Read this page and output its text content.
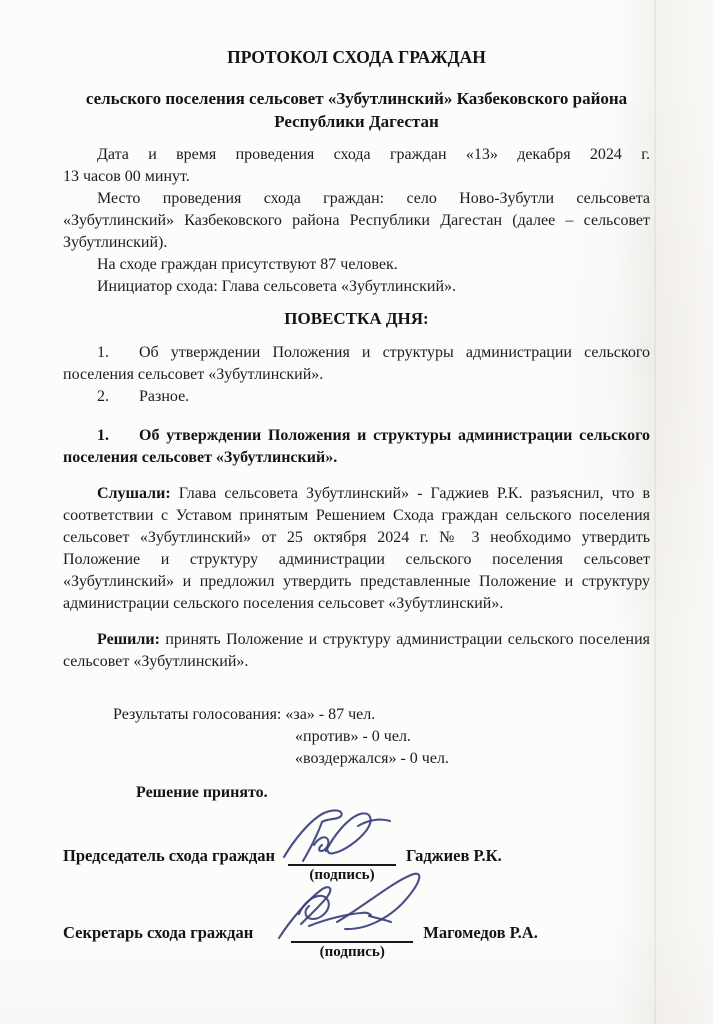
ПРОТОКОЛ СХОДА ГРАЖДАН
сельского поселения сельсовет «Зубутлинский» Казбековского района
Республики Дагестан
Дата и время проведения схода граждан «13» декабря 2024 г.
13 часов 00 минут.
Место проведения схода граждан: село Ново-Зубутли сельсовета
«Зубутлинский» Казбековского района Республики Дагестан (далее – сельсовет
Зубутлинский).
На сходе граждан присутствуют 87 человек.
Инициатор схода: Глава сельсовета «Зубутлинский».
ПОВЕСТКА ДНЯ:
1. Об утверждении Положения и структуры администрации сельского
поселения сельсовет «Зубутлинский».
2. Разное.
1. Об утверждении Положения и структуры администрации сельского
поселения сельсовет «Зубутлинский».
Слушали: Глава сельсовета Зубутлинский» - Гаджиев Р.К. разъяснил, что в
соответствии с Уставом принятым Решением Схода граждан сельского поселения
сельсовет «Зубутлинский» от 25 октября 2024 г. № 3 необходимо утвердить
Положение и структуру администрации сельского поселения сельсовет
«Зубутлинский» и предложил утвердить представленные Положение и структуру
администрации сельского поселения сельсовет «Зубутлинский».
Решили: принять Положение и структуру администрации сельского поселения
сельсовет «Зубутлинский».
Результаты голосования: «за» - 87 чел.
«против» - 0 чел.
«воздержался» - 0 чел.
Решение принято.
Председатель схода граждан
(подпись)
Гаджиев Р.К.
Секретарь схода граждан
(подпись)
Магомедов Р.А.
